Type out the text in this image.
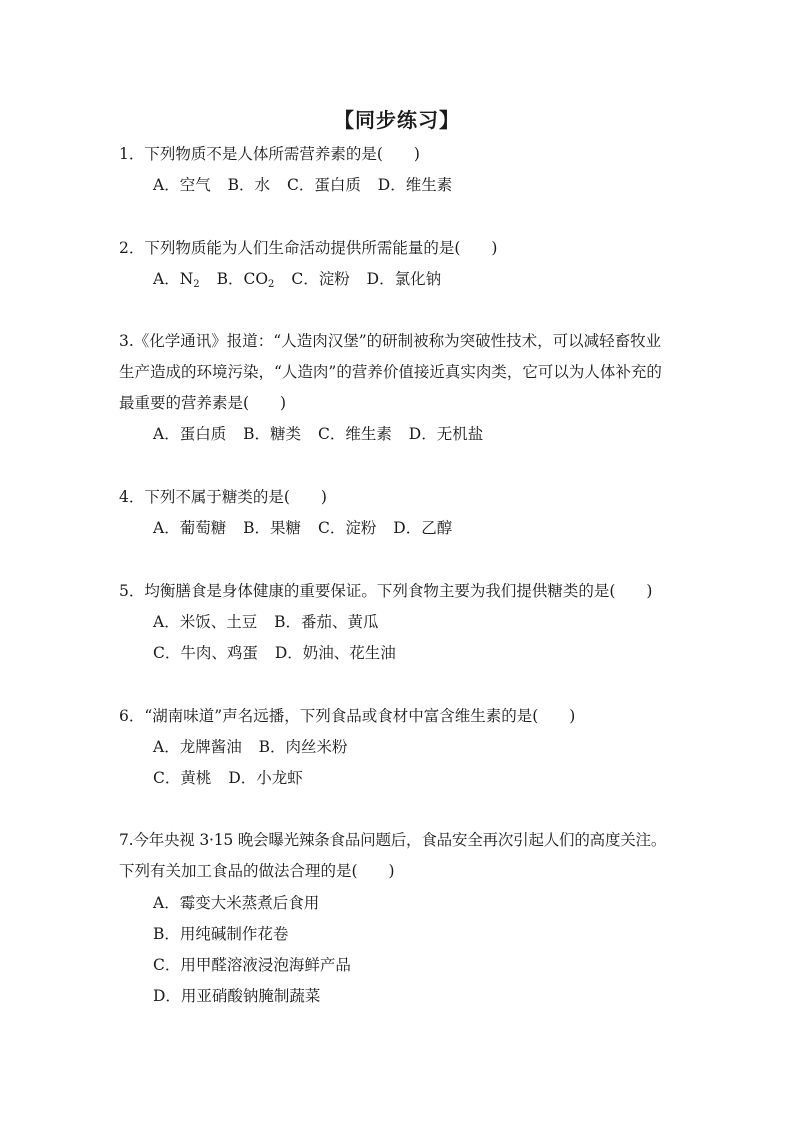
【同步练习】
1．下列物质不是人体所需营养素的是(　　)
A．空气 B．水 C．蛋白质 D．维生素
2．下列物质能为人们生命活动提供所需能量的是(　　)
A．$N_2$ B．$CO_2$ C．淀粉 D．氯化钠
3.《化学通讯》报道：“人造肉汉堡”的研制被称为突破性技术，可以减轻畜牧业
生产造成的环境污染，“人造肉”的营养价值接近真实肉类，它可以为人体补充的
最重要的营养素是(　　)
A．蛋白质 B．糖类 C．维生素 D．无机盐
4．下列不属于糖类的是(　　)
A．葡萄糖 B．果糖 C．淀粉 D．乙醇
5．均衡膳食是身体健康的重要保证。下列食物主要为我们提供糖类的是(　　)
A．米饭、土豆 B．番茄、黄瓜
C．牛肉、鸡蛋 D．奶油、花生油
6．“湖南味道”声名远播，下列食品或食材中富含维生素的是(　　)
A．龙牌酱油 B．肉丝米粉
C．黄桃 D．小龙虾
7.今年央视 3·15 晚会曝光辣条食品问题后，食品安全再次引起人们的高度关注。
下列有关加工食品的做法合理的是(　　)
A．霉变大米蒸煮后食用
B．用纯碱制作花卷
C．用甲醛溶液浸泡海鲜产品
D．用亚硝酸钠腌制蔬菜
